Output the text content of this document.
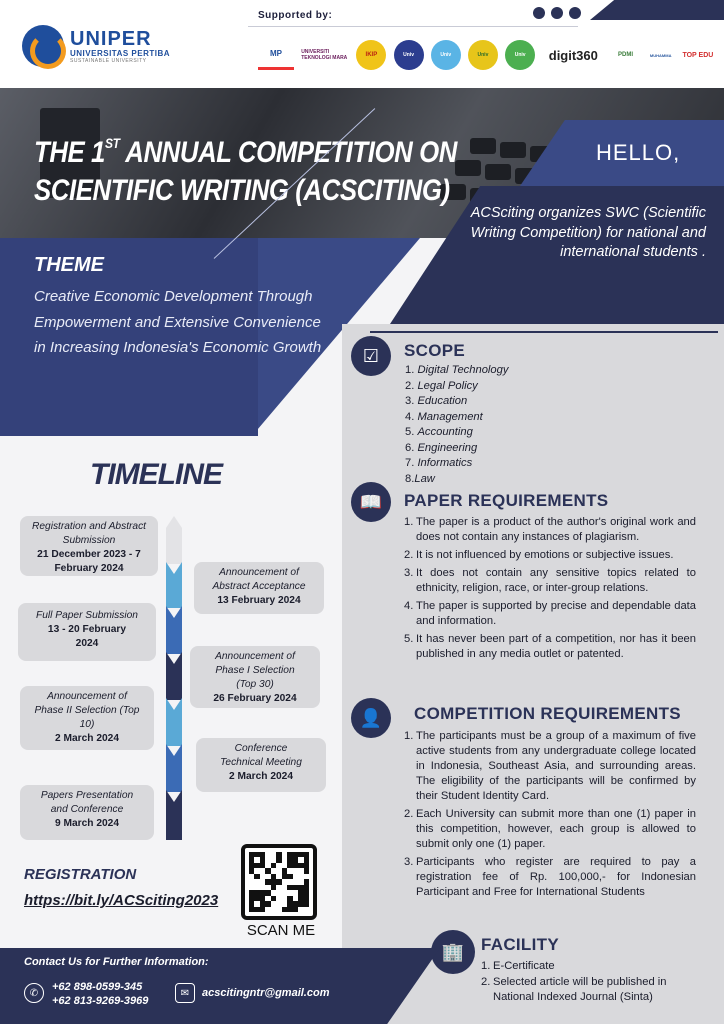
UNIPER
UNIVERSITAS PERTIBA
SUSTAINABLE UNIVERSITY
Supported by:
MP	UNIVERSITI TEKNOLOGI MARA	IKIP	Univ	Univ	Univ	Univ	digit360	PDMI	MUHAMMA	TOP EDU
THE 1ST ANNUAL COMPETITION ON
SCIENTIFIC WRITING (ACSCITING)
HELLO,
ACSciting organizes SWC (Scientific Writing Competition) for national and international students .
THEME
Creative Economic Development Through Empowerment and Extensive Convenience in Increasing Indonesia's Economic Growth	☑	SCOPE
1. Digital Technology
2. Legal Policy
3. Education
4. Management
5. Accounting
6. Engineering
7. Informatics
8.Law
📖	PAPER REQUIREMENTS
1. The paper is a product of the author's original work and does not contain any instances of plagiarism.
2. It is not influenced by emotions or subjective issues.
3. It does not contain any sensitive topics related to ethnicity, religion, race, or inter-group relations.
4. The paper is supported by precise and dependable data and information.
5. It has never been part of a competition, nor has it been published in any media outlet or patented.
👤	COMPETITION REQUIREMENTS
1. The participants must be a group of a maximum of five active students from any undergraduate college located in Indonesia, Southeast Asia, and surrounding areas. The eligibility of the participants will be confirmed by their Student Identity Card.
2. Each University can submit more than one (1) paper in this competition, however, each group is allowed to submit only one (1) paper.
3. Participants who register are required to pay a registration fee of Rp. 100,000,- for Indonesian Participant and Free for International Students
🏢 FACILITY
1. E-Certificate
2. Selected article will be published in National Indexed Journal (Sinta)
TIMELINE
Registration and Abstract Submission
21 December 2023 - 7 February 2024	Announcement of Abstract Acceptance
13 February 2024
Full Paper Submission
13 - 20 February 2024
Announcement of Phase I Selection (Top 30)
26 February 2024
Announcement of Phase II Selection (Top 10)
2 March 2024
Conference Technical Meeting
2 March 2024
Papers Presentation and Conference
9 March 2024
REGISTRATION
https://bit.ly/ACSciting2023
SCAN ME
Contact Us for Further Information:
✆	+62 898-0599-345
+62 813-9269-3969
✉	acscitingntr@gmail.com
